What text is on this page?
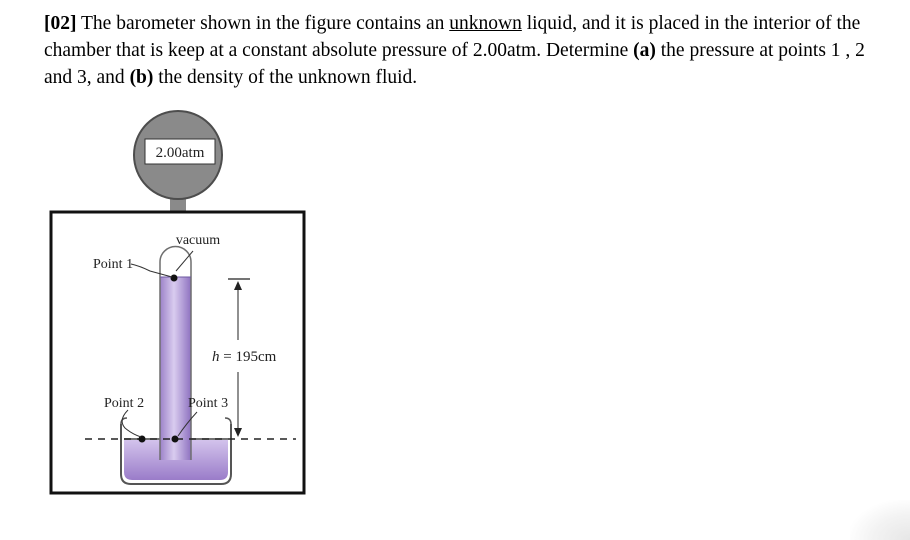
[02] The barometer shown in the figure contains an unknown liquid, and it is placed in the interior of the chamber that is keep at a constant absolute pressure of 2.00atm. Determine (a) the pressure at points 1 , 2 and 3, and (b) the density of the unknown fluid.

2.00atm
vacuum
Point 1
Point 2	Point 3
h = 195cm
